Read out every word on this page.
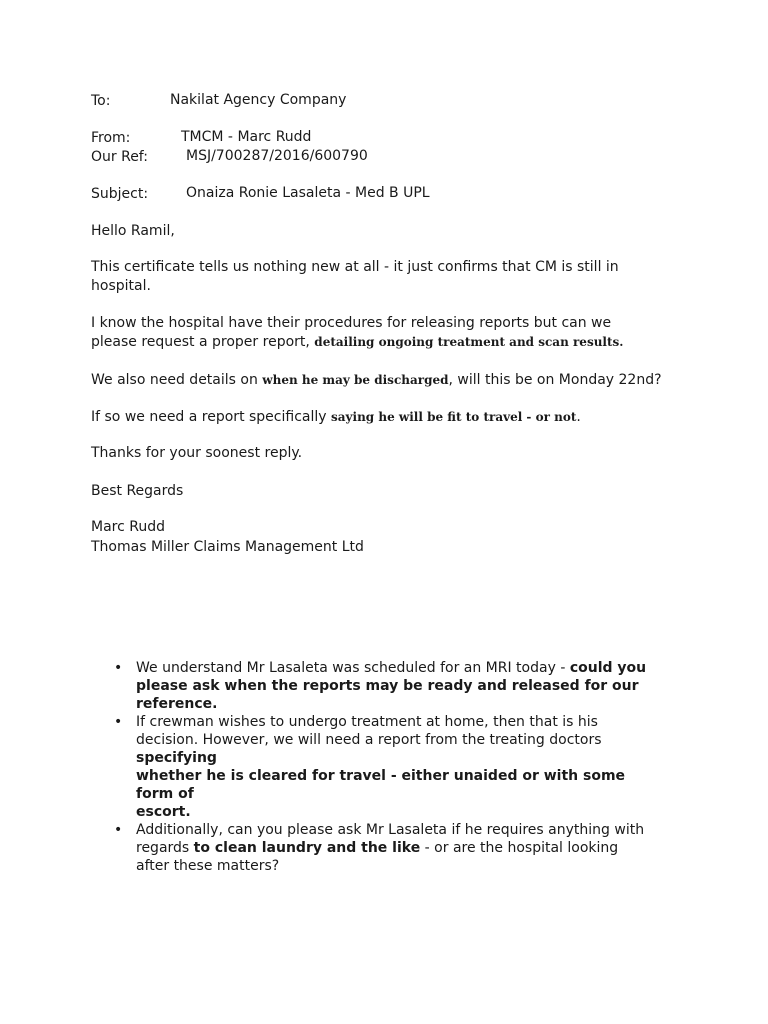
To:	Nakilat Agency Company
From:	TMCM - Marc Rudd
Our Ref:	MSJ/700287/2016/600790
Subject:	Onaiza Ronie Lasaleta - Med B UPL
Hello Ramil,
This certificate tells us nothing new at all - it just confirms that CM is still in
hospital.
I know the hospital have their procedures for releasing reports but can we
please request a proper report, detailing ongoing treatment and scan results.
We also need details on when he may be discharged, will this be on Monday 22nd?
If so we need a report specifically saying he will be fit to travel - or not.
Thanks for your soonest reply.
Best Regards
Marc Rudd
Thomas Miller Claims Management Ltd
• We understand Mr Lasaleta was scheduled for an MRI today - could you please ask when the reports may be ready and released for our reference.
• If crewman wishes to undergo treatment at home, then that is his decision. However, we will need a report from the treating doctors specifying
whether he is cleared for travel - either unaided or with some form of
escort.
• Additionally, can you please ask Mr Lasaleta if he requires anything with regards to clean laundry and the like - or are the hospital looking after these matters?
